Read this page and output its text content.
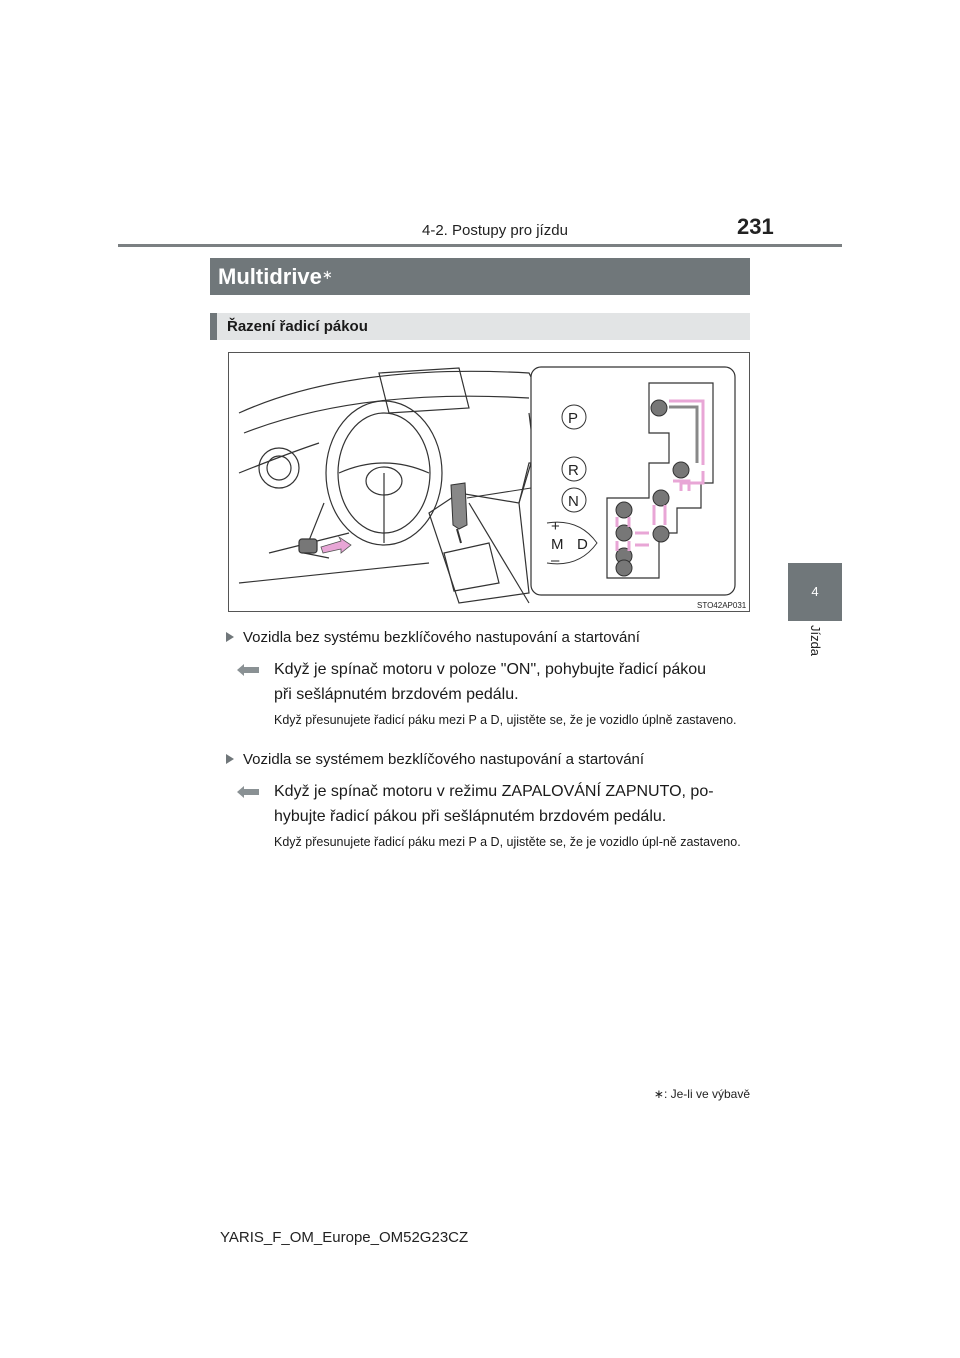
4-2. Postupy pro jízdu	231
4
Jízda
Multidrive∗
Řazení řadicí pákou
P
R
N
D
M
+
–
STO42AP031
Vozidla bez systému bezklíčového nastupování a startování
Když je spínač motoru v poloze "ON", pohybujte řadicí pákou
při sešlápnutém brzdovém pedálu.
Když přesunujete řadicí páku mezi P a D, ujistěte se, že je vozidlo úplně zastaveno.
Vozidla se systémem bezklíčového nastupování a startování
Když je spínač motoru v režimu ZAPALOVÁNÍ ZAPNUTO, po-
hybujte řadicí pákou při sešlápnutém brzdovém pedálu.
Když přesunujete řadicí páku mezi P a D, ujistěte se, že je vozidlo úpl-ně zastaveno.
∗: Je-li ve výbavě
YARIS_F_OM_Europe_OM52G23CZ
